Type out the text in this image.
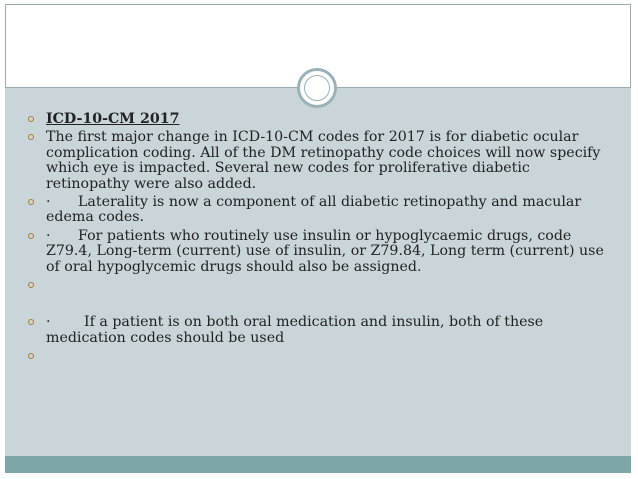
ICD-10-CM 2017
The first major change in ICD-10-CM codes for 2017 is for diabetic ocular complication coding. All of the DM retinopathy code choices will now specify which eye is impacted. Several new codes for proliferative diabetic retinopathy were also added.
· Laterality is now a component of all diabetic retinopathy and macular edema codes.
· For patients who routinely use insulin or hypoglycaemic drugs, code Z79.4, Long-term (current) use of insulin, or Z79.84, Long term (current) use of oral hypoglycemic drugs should also be assigned.
· If a patient is on both oral medication and insulin, both of these medication codes should be used
